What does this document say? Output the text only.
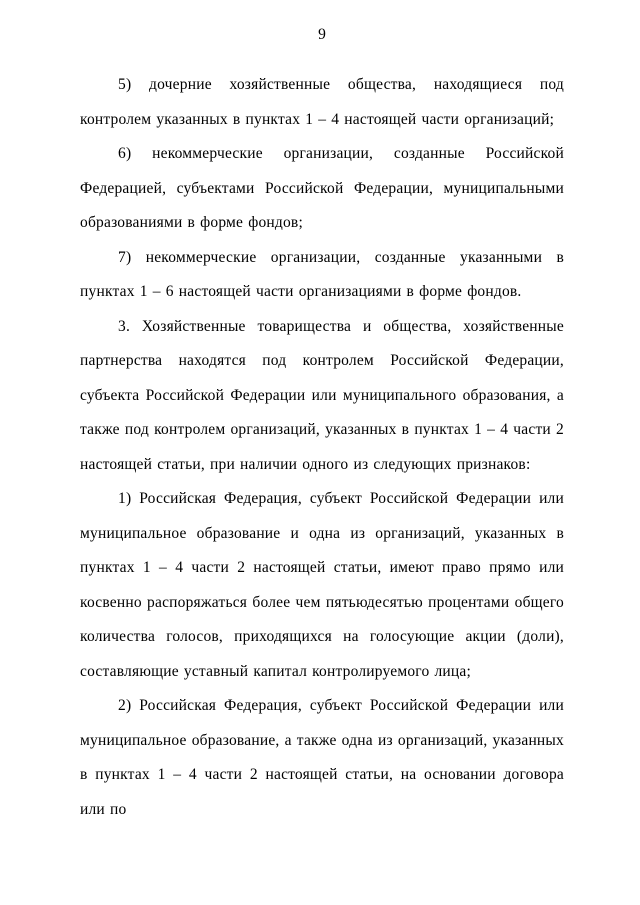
9

5) дочерние хозяйственные общества, находящиеся под контролем указанных в пунктах 1 – 4 настоящей части организаций;

6) некоммерческие организации, созданные Российской Федерацией, субъектами Российской Федерации, муниципальными образованиями в форме фондов;

7) некоммерческие организации, созданные указанными в пунктах 1 – 6 настоящей части организациями в форме фондов.

3. Хозяйственные товарищества и общества, хозяйственные партнерства находятся под контролем Российской Федерации, субъекта Российской Федерации или муниципального образования, а также под контролем организаций, указанных в пунктах 1 – 4 части 2 настоящей статьи, при наличии одного из следующих признаков:

1) Российская Федерация, субъект Российской Федерации или муниципальное образование и одна из организаций, указанных в пунктах 1 – 4 части 2 настоящей статьи, имеют право прямо или косвенно распоряжаться более чем пятьюдесятью процентами общего количества голосов, приходящихся на голосующие акции (доли), составляющие уставный капитал контролируемого лица;

2) Российская Федерация, субъект Российской Федерации или муниципальное образование, а также одна из организаций, указанных в пунктах 1 – 4 части 2 настоящей статьи, на основании договора или по
